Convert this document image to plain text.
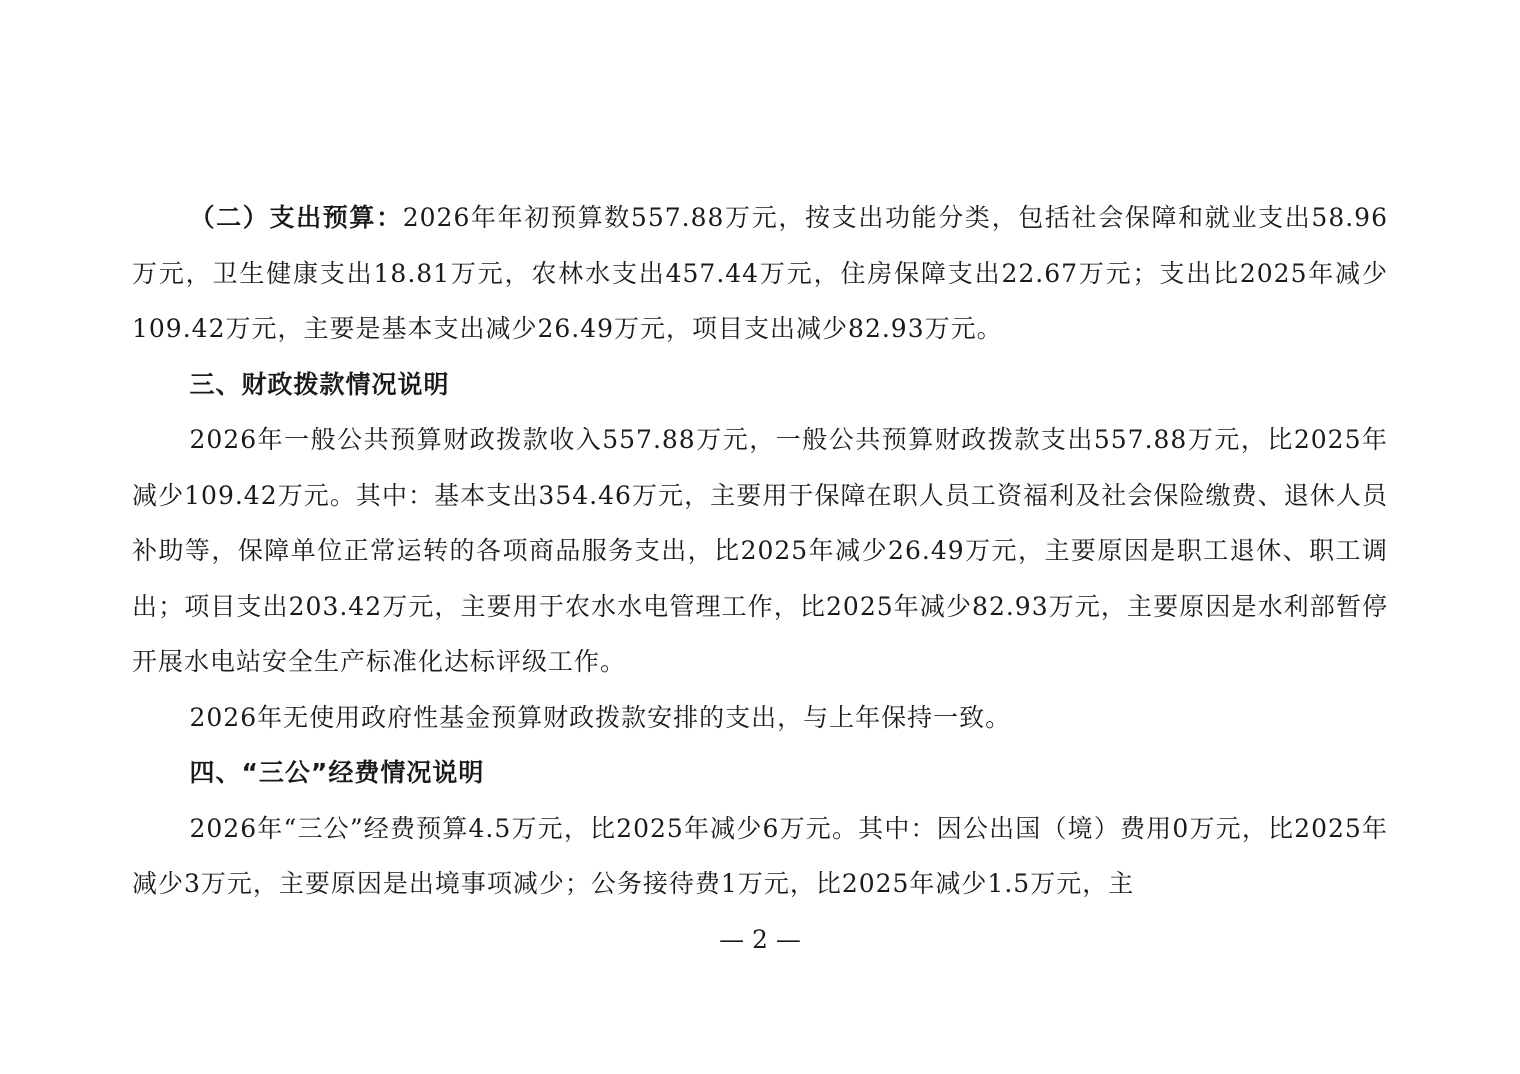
（二）支出预算：2026年年初预算数557.88万元，按支出功能分类，包括社会保障和就业支出58.96万元，卫生健康支出18.81万元，农林水支出457.44万元，住房保障支出22.67万元；支出比2025年减少109.42万元，主要是基本支出减少26.49万元，项目支出减少82.93万元。

三、财政拨款情况说明

2026年一般公共预算财政拨款收入557.88万元，一般公共预算财政拨款支出557.88万元，比2025年减少109.42万元。其中：基本支出354.46万元，主要用于保障在职人员工资福利及社会保险缴费、退休人员补助等，保障单位正常运转的各项商品服务支出，比2025年减少26.49万元，主要原因是职工退休、职工调出；项目支出203.42万元，主要用于农水水电管理工作，比2025年减少82.93万元，主要原因是水利部暂停开展水电站安全生产标准化达标评级工作。

2026年无使用政府性基金预算财政拨款安排的支出，与上年保持一致。

四、“三公”经费情况说明

2026年“三公”经费预算4.5万元，比2025年减少6万元。其中：因公出国（境）费用0万元，比2025年减少3万元，主要原因是出境事项减少；公务接待费1万元，比2025年减少1.5万元，主

— 2 —
